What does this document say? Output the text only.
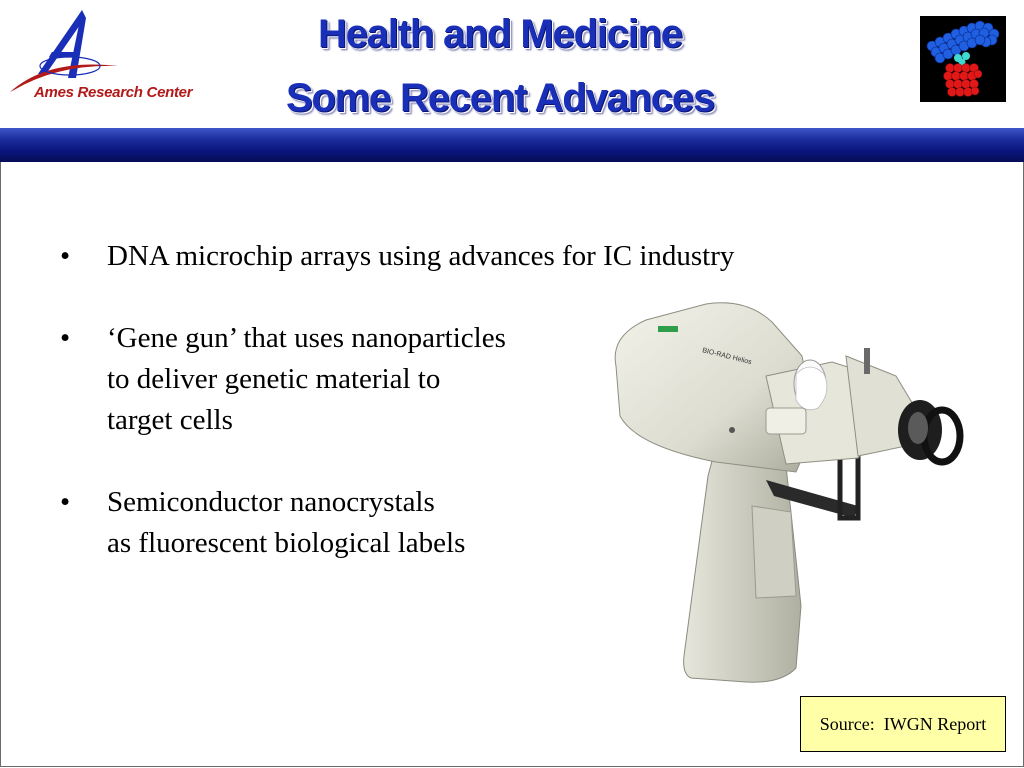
Ames Research Center
Health and Medicine
Some Recent Advances
• DNA microchip arrays using advances for IC industry
• ‘Gene gun’ that uses nanoparticles
to deliver genetic material to
target cells
• Semiconductor nanocrystals
as fluorescent biological labels
BIO-RAD Helios
Source:  IWGN Report
